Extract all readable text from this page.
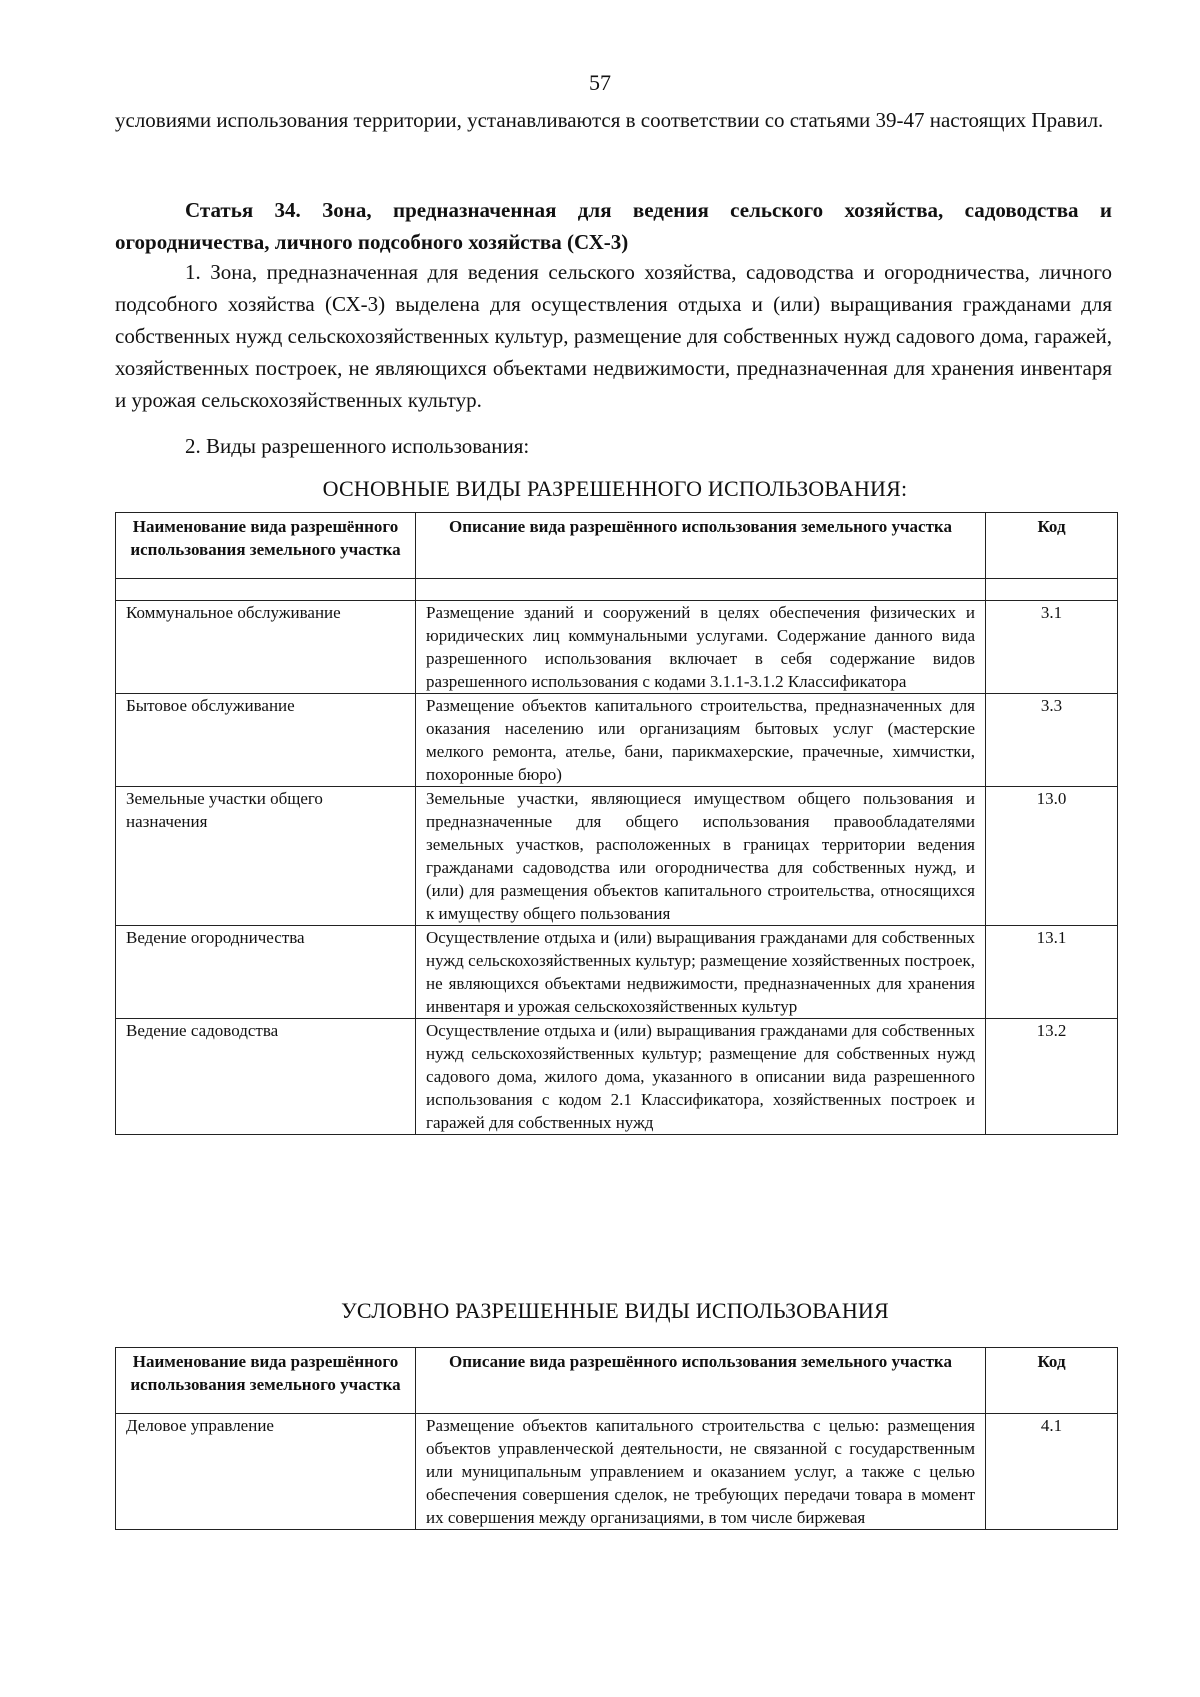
57
условиями использования территории, устанавливаются в соответствии со статьями 39-47 настоящих Правил.
Статья 34. Зона, предназначенная для ведения сельского хозяйства, садоводства и огородничества, личного подсобного хозяйства (СХ-3)
1. Зона, предназначенная для ведения сельского хозяйства, садоводства и огородничества, личного подсобного хозяйства (СХ-3) выделена для осуществления отдыха и (или) выращивания гражданами для собственных нужд сельскохозяйственных культур, размещение для собственных нужд садового дома, гаражей, хозяйственных построек, не являющихся объектами недвижимости, предназначенная для хранения инвентаря и урожая сельскохозяйственных культур.
2. Виды разрешенного использования:
ОСНОВНЫЕ ВИДЫ РАЗРЕШЕННОГО ИСПОЛЬЗОВАНИЯ:
Наименование вида разрешённого использования земельного участка	Описание вида разрешённого использования земельного участка	Код

Коммунальное обслуживание	Размещение зданий и сооружений в целях обеспечения физических и юридических лиц коммунальными услугами. Содержание данного вида разрешенного использования включает в себя содержание видов разрешенного использования с кодами 3.1.1-3.1.2 Классификатора	3.1
Бытовое обслуживание	Размещение объектов капитального строительства, предназначенных для оказания населению или организациям бытовых услуг (мастерские мелкого ремонта, ателье, бани, парикмахерские, прачечные, химчистки, похоронные бюро)	3.3
Земельные участки общего назначения	Земельные участки, являющиеся имуществом общего пользования и предназначенные для общего использования правообладателями земельных участков, расположенных в границах территории ведения гражданами садоводства или огородничества для собственных нужд, и (или) для размещения объектов капитального строительства, относящихся к имуществу общего пользования	13.0
Ведение огородничества	Осуществление отдыха и (или) выращивания гражданами для собственных нужд сельскохозяйственных культур; размещение хозяйственных построек, не являющихся объектами недвижимости, предназначенных для хранения инвентаря и урожая сельскохозяйственных культур	13.1
Ведение садоводства	Осуществление отдыха и (или) выращивания гражданами для собственных нужд сельскохозяйственных культур; размещение для собственных нужд садового дома, жилого дома, указанного в описании вида разрешенного использования с кодом 2.1 Классификатора, хозяйственных построек и гаражей для собственных нужд	13.2
УСЛОВНО РАЗРЕШЕННЫЕ ВИДЫ ИСПОЛЬЗОВАНИЯ
Наименование вида разрешённого использования земельного участка	Описание вида разрешённого использования земельного участка	Код
Деловое управление	Размещение объектов капитального строительства с целью: размещения объектов управленческой деятельности, не связанной с государственным или муниципальным управлением и оказанием услуг, а также с целью обеспечения совершения сделок, не требующих передачи товара в момент их совершения между организациями, в том числе биржевая	4.1
